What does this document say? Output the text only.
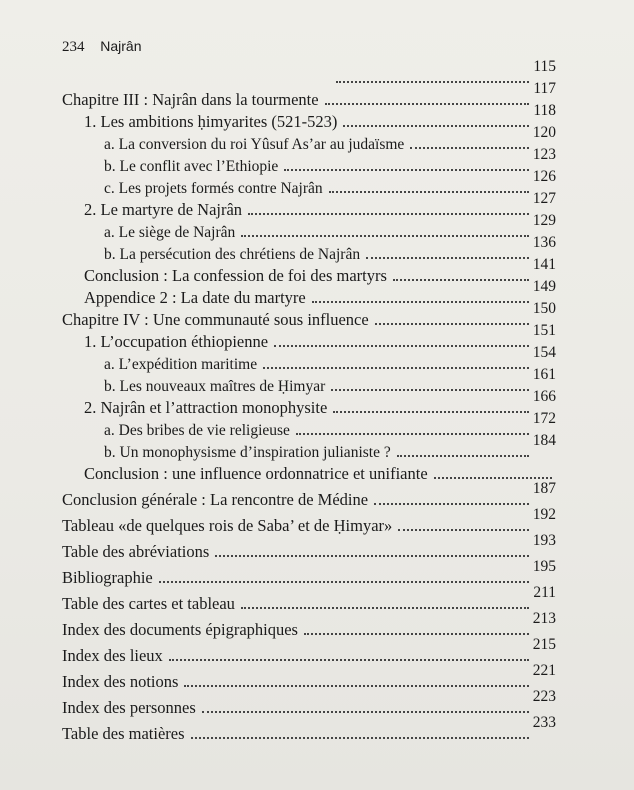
234 Najrân
115
Chapitre III : Najrân dans la tourmente
117
1. Les ambitions ḥimyarites (521-523)
118
a. La conversion du roi Yûsuf As’ar au judaïsme
120
b. Le conflit avec l’Ethiopie
123
c. Les projets formés contre Najrân
126
2. Le martyre de Najrân
127
a. Le siège de Najrân
129
b. La persécution des chrétiens de Najrân
136
Conclusion : La confession de foi des martyrs
141
Appendice 2 : La date du martyre
149
Chapitre IV : Une communauté sous influence
150
1. L’occupation éthiopienne
151
a. L’expédition maritime
154
b. Les nouveaux maîtres de Ḥimyar
161
2. Najrân et l’attraction monophysite
166
a. Des bribes de vie religieuse
172
b. Un monophysisme d’inspiration julianiste ?
184
Conclusion : une influence ordonnatrice et unifiante
Conclusion générale : La rencontre de Médine
187
Tableau «de quelques rois de Saba’ et de Ḥimyar»
192
Table des abréviations
193
Bibliographie
195
Table des cartes et tableau
211
Index des documents épigraphiques
213
Index des lieux
215
Index des notions
221
Index des personnes
223
Table des matières
233
